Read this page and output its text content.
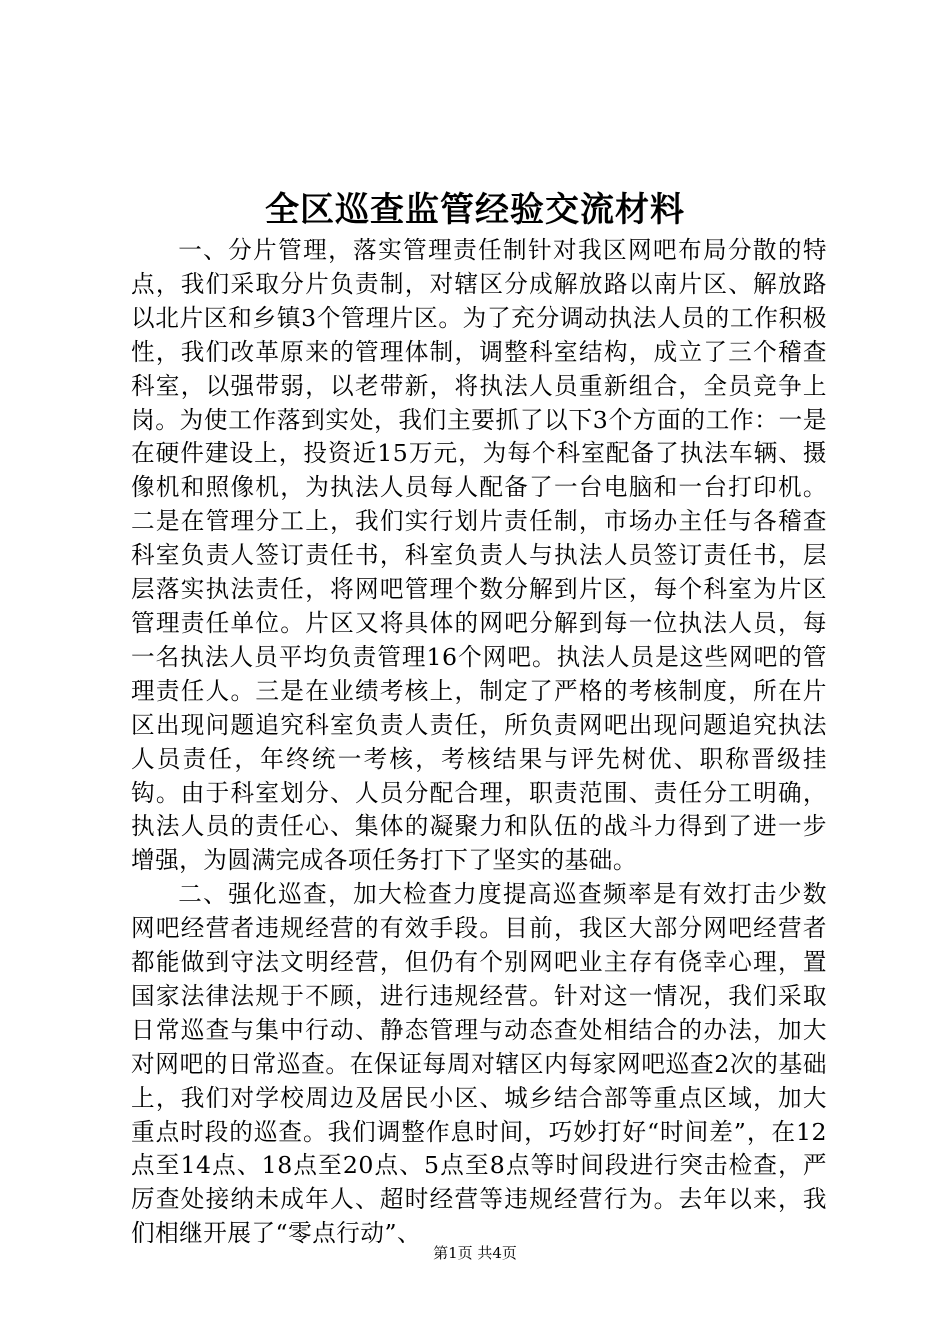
全区巡查监管经验交流材料

一、分片管理，落实管理责任制针对我区网吧布局分散的特点，我们采取分片负责制，对辖区分成解放路以南片区、解放路以北片区和乡镇3个管理片区。为了充分调动执法人员的工作积极性，我们改革原来的管理体制，调整科室结构，成立了三个稽查科室，以强带弱，以老带新，将执法人员重新组合，全员竞争上岗。为使工作落到实处，我们主要抓了以下3个方面的工作：一是在硬件建设上，投资近15万元，为每个科室配备了执法车辆、摄像机和照像机，为执法人员每人配备了一台电脑和一台打印机。二是在管理分工上，我们实行划片责任制，市场办主任与各稽查科室负责人签订责任书，科室负责人与执法人员签订责任书，层层落实执法责任，将网吧管理个数分解到片区，每个科室为片区管理责任单位。片区又将具体的网吧分解到每一位执法人员，每一名执法人员平均负责管理16个网吧。执法人员是这些网吧的管理责任人。三是在业绩考核上，制定了严格的考核制度，所在片区出现问题追究科室负责人责任，所负责网吧出现问题追究执法人员责任，年终统一考核，考核结果与评先树优、职称晋级挂钩。由于科室划分、人员分配合理，职责范围、责任分工明确，执法人员的责任心、集体的凝聚力和队伍的战斗力得到了进一步增强，为圆满完成各项任务打下了坚实的基础。

二、强化巡查，加大检查力度提高巡查频率是有效打击少数网吧经营者违规经营的有效手段。目前，我区大部分网吧经营者都能做到守法文明经营，但仍有个别网吧业主存有侥幸心理，置国家法律法规于不顾，进行违规经营。针对这一情况，我们采取日常巡查与集中行动、静态管理与动态查处相结合的办法，加大对网吧的日常巡查。在保证每周对辖区内每家网吧巡查2次的基础上，我们对学校周边及居民小区、城乡结合部等重点区域，加大重点时段的巡查。我们调整作息时间，巧妙打好“时间差”，在12点至14点、18点至20点、5点至8点等时间段进行突击检查，严厉查处接纳未成年人、超时经营等违规经营行为。去年以来，我们相继开展了“零点行动”、

第1页 共4页
